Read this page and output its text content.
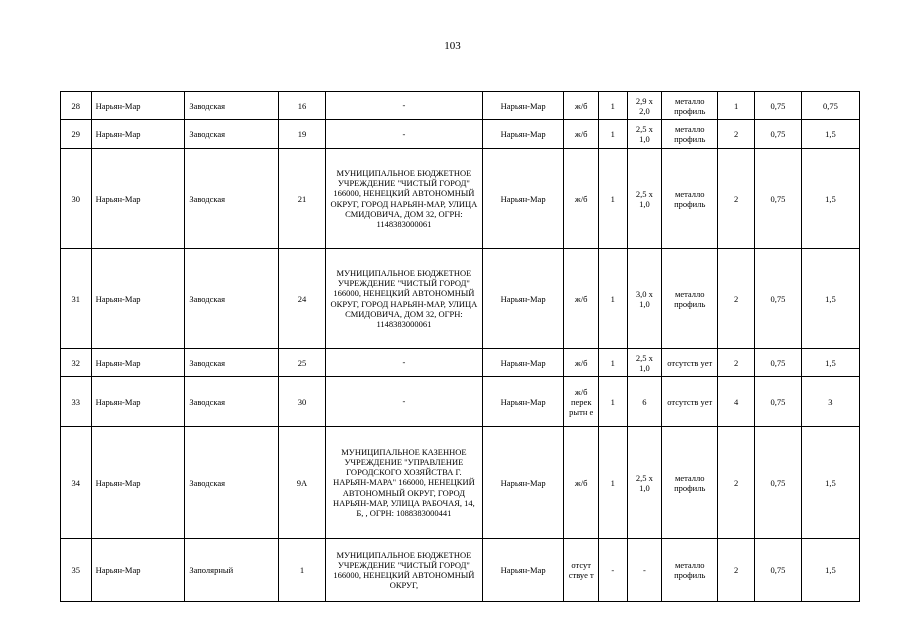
103
28	Нарьян-Мар	Заводская	16	-	Нарьян-Мар	ж/б	1	2,9 x 2,0	металло профиль	1	0,75	0,75
29	Нарьян-Мар	Заводская	19	-	Нарьян-Мар	ж/б	1	2,5 x 1,0	металло профиль	2	0,75	1,5
30	Нарьян-Мар	Заводская	21	МУНИЦИПАЛЬНОЕ БЮДЖЕТНОЕ УЧРЕЖДЕНИЕ "ЧИСТЫЙ ГОРОД" 166000, НЕНЕЦКИЙ АВТОНОМНЫЙ ОКРУГ, ГОРОД НАРЬЯН-МАР, УЛИЦА СМИДОВИЧА, ДОМ 32, ОГРН: 1148383000061	Нарьян-Мар	ж/б	1	2,5 x 1,0	металло профиль	2	0,75	1,5
31	Нарьян-Мар	Заводская	24	МУНИЦИПАЛЬНОЕ БЮДЖЕТНОЕ УЧРЕЖДЕНИЕ "ЧИСТЫЙ ГОРОД" 166000, НЕНЕЦКИЙ АВТОНОМНЫЙ ОКРУГ, ГОРОД НАРЬЯН-МАР, УЛИЦА СМИДОВИЧА, ДОМ 32, ОГРН: 1148383000061	Нарьян-Мар	ж/б	1	3,0 x 1,0	металло профиль	2	0,75	1,5
32	Нарьян-Мар	Заводская	25	-	Нарьян-Мар	ж/б	1	2,5 x 1,0	отсутств ует	2	0,75	1,5
33	Нарьян-Мар	Заводская	30	-	Нарьян-Мар	ж/б перек рытн е	1	6	отсутств ует	4	0,75	3
34	Нарьян-Мар	Заводская	9А	МУНИЦИПАЛЬНОЕ КАЗЕННОЕ УЧРЕЖДЕНИЕ "УПРАВЛЕНИЕ ГОРОДСКОГО ХОЗЯЙСТВА Г. НАРЬЯН-МАРА" 166000, НЕНЕЦКИЙ АВТОНОМНЫЙ ОКРУГ, ГОРОД НАРЬЯН-МАР, УЛИЦА РАБОЧАЯ, 14, Б, , ОГРН: 1088383000441	Нарьян-Мар	ж/б	1	2,5 x 1,0	металло профиль	2	0,75	1,5
35	Нарьян-Мар	Заполярный	1	МУНИЦИПАЛЬНОЕ БЮДЖЕТНОЕ УЧРЕЖДЕНИЕ "ЧИСТЫЙ ГОРОД" 166000, НЕНЕЦКИЙ АВТОНОМНЫЙ ОКРУГ,	Нарьян-Мар	отсут ствуе т	-	-	металло профиль	2	0,75	1,5
